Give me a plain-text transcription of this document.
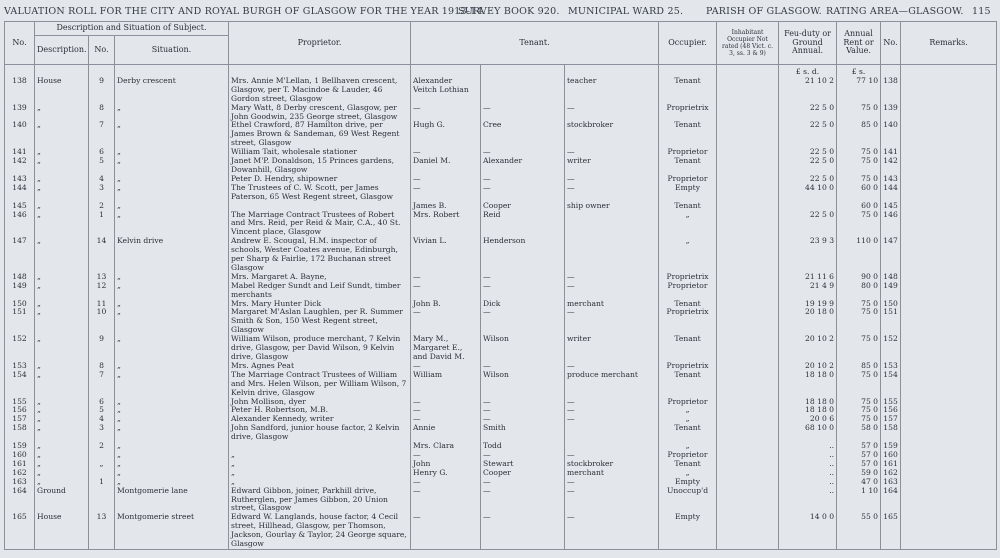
VALUATION ROLL FOR THE CITY AND ROYAL BURGH OF GLASGOW FOR THE YEAR 1913-14.
SURVEY BOOK 920. MUNICIPAL WARD 25. PARISH OF GLASGOW. RATING AREA—GLASGOW. 115
No.	Description and Situation of Subject.			Proprietor.	Tenant.			Occupier.	Inhabitant Occupier Not rated (48 Vict. c. 3, ss. 3 & 9)	Feu-duty or Ground Annual.	Annual Rent or Value.	No.	Remarks.
	Description.	No.	Situation.										
										£ s. d.	£ s.		
138	House	9	Derby crescent	Mrs. Annie M'Lellan, 1 Bellhaven crescent, Glasgow, per T. Macindoe & Lauder, 46 Gordon street, Glasgow	Alexander Veitch Lothian		teacher	Tenant		21 10 2	77 10	138	
139	„	8	„	Mary Watt, 8 Derby crescent, Glasgow, per John Goodwin, 235 George street, Glasgow	—	—	—	Proprietrix		22 5 0	75 0	139	
140	„	7	„	Ethel Crawford, 87 Hamilton drive, per James Brown & Sandeman, 69 West Regent street, Glasgow	Hugh G.	Cree	stockbroker	Tenant		22 5 0	85 0	140	
141	„	6	„	William Tait, wholesale stationer	—	—	—	Proprietor		22 5 0	75 0	141	
142	„	5	„	Janet M'P. Donaldson, 15 Princes gardens, Dowanhill, Glasgow	Daniel M.	Alexander	writer	Tenant		22 5 0	75 0	142	
143	„	4	„	Peter D. Hendry, shipowner	—	—	—	Proprietor		22 5 0	75 0	143	
144	„	3	„	The Trustees of C. W. Scott, per James Paterson, 65 West Regent street, Glasgow	—	—	—	Empty		44 10 0	60 0	144	
145	„	2	„		James B.	Cooper	ship owner	Tenant			60 0	145	
146	„	1	„	The Marriage Contract Trustees of Robert and Mrs. Reid, per Reid & Mair, C.A., 40 St. Vincent place, Glasgow	Mrs. Robert	Reid		„		22 5 0	75 0	146	
147	„	14	Kelvin drive	Andrew E. Scougal, H.M. inspector of schools, Wester Coates avenue, Edinburgh, per Sharp & Fairlie, 172 Buchanan street Glasgow	Vivian L.	Henderson		„		23 9 3	110 0	147	
148	„	13	„	Mrs. Margaret A. Bayne,	—	—	—	Proprietrix		21 11 6	90 0	148	
149	„	12	„	Mabel Redger Sundt and Leif Sundt, timber merchants	—	—	—	Proprietor		21 4 9	80 0	149	
150	„	11	„	Mrs. Mary Hunter Dick	John B.	Dick	merchant	Tenant		19 19 9	75 0	150	
151	„	10	„	Margaret M'Aslan Laughlen, per R. Summer Smith & Son, 150 West Regent street, Glasgow	—	—	—	Proprietrix		20 18 0	75 0	151	
152	„	9	„	William Wilson, produce merchant, 7 Kelvin drive, Glasgow, per David Wilson, 9 Kelvin drive, Glasgow	Mary M., Margaret E., and David M.	Wilson	writer	Tenant		20 10 2	75 0	152	
153	„	8	„	Mrs. Agnes Peat	—	—	—	Proprietrix		20 10 2	85 0	153	
154	„	7	„	The Marriage Contract Trustees of William and Mrs. Helen Wilson, per William Wilson, 7 Kelvin drive, Glasgow	William	Wilson	produce merchant	Tenant		18 18 0	75 0	154	
155	„	6	„	John Mollison, dyer	—	—	—	Proprietor		18 18 0	75 0	155	
156	„	5	„	Peter H. Robertson, M.B.	—	—	—	„		18 18 0	75 0	156	
157	„	4	„	Alexander Kennedy, writer	—	—	—	„		20 0 6	75 0	157	
158	„	3	„	John Sandford, junior house factor, 2 Kelvin drive, Glasgow	Annie	Smith		Tenant		68 10 0	58 0	158	
159	„	2	„		Mrs. Clara	Todd		„		..	57 0	159	
160	„		„	„	—	—	—	Proprietor		..	57 0	160	
161	„	„	„	„	John	Stewart	stockbroker	Tenant		..	57 0	161	
162	„		„	„	Henry G.	Cooper	merchant	„		..	59 0	162	
163	„	1	„	„	—	—	—	Empty		..	47 0	163	
164	Ground		Montgomerie lane	Edward Gibbon, joiner, Parkhill drive, Rutherglen, per James Gibbon, 20 Union street, Glasgow	—	—	—	Unoccup'd		..	1 10	164	
165	House	13	Montgomerie street	Edward W. Langlands, house factor, 4 Cecil street, Hillhead, Glasgow, per Thomson, Jackson, Gourlay & Taylor, 24 George square, Glasgow	—	—	—	Empty		14 0 0	55 0	165	
